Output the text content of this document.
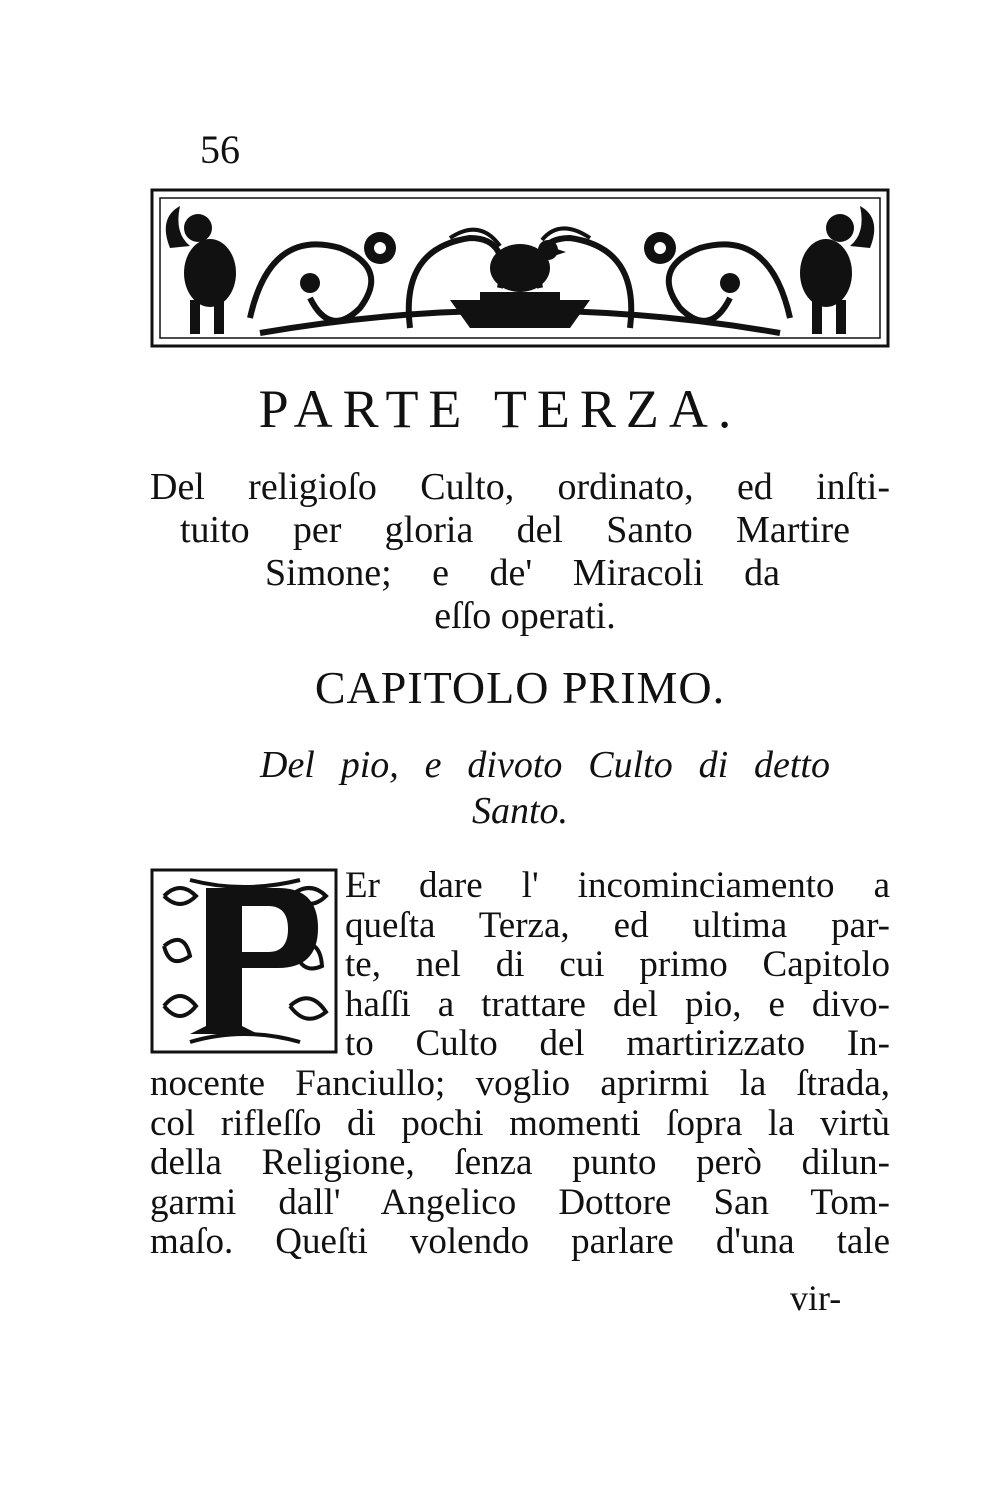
56
PARTE TERZA.
Del religioſo Culto, ordinato, ed inſti-
tuito per gloria del Santo Martire
Simone; e de' Miracoli da
eſſo operati.
CAPITOLO PRIMO.
Del pio, e divoto Culto di detto
Santo.
P	Er dare l' incominciamento a
queſta Terza, ed ultima par-
te, nel di cui primo Capitolo
haſſi a trattare del pio, e divo-
to Culto del martirizzato In-
nocente Fanciullo; voglio aprirmi la ſtrada,
col rifleſſo di pochi momenti ſopra la virtù
della Religione, ſenza punto però dilun-
garmi dall' Angelico Dottore San Tom-
maſo. Queſti volendo parlare d'una tale
vir-
